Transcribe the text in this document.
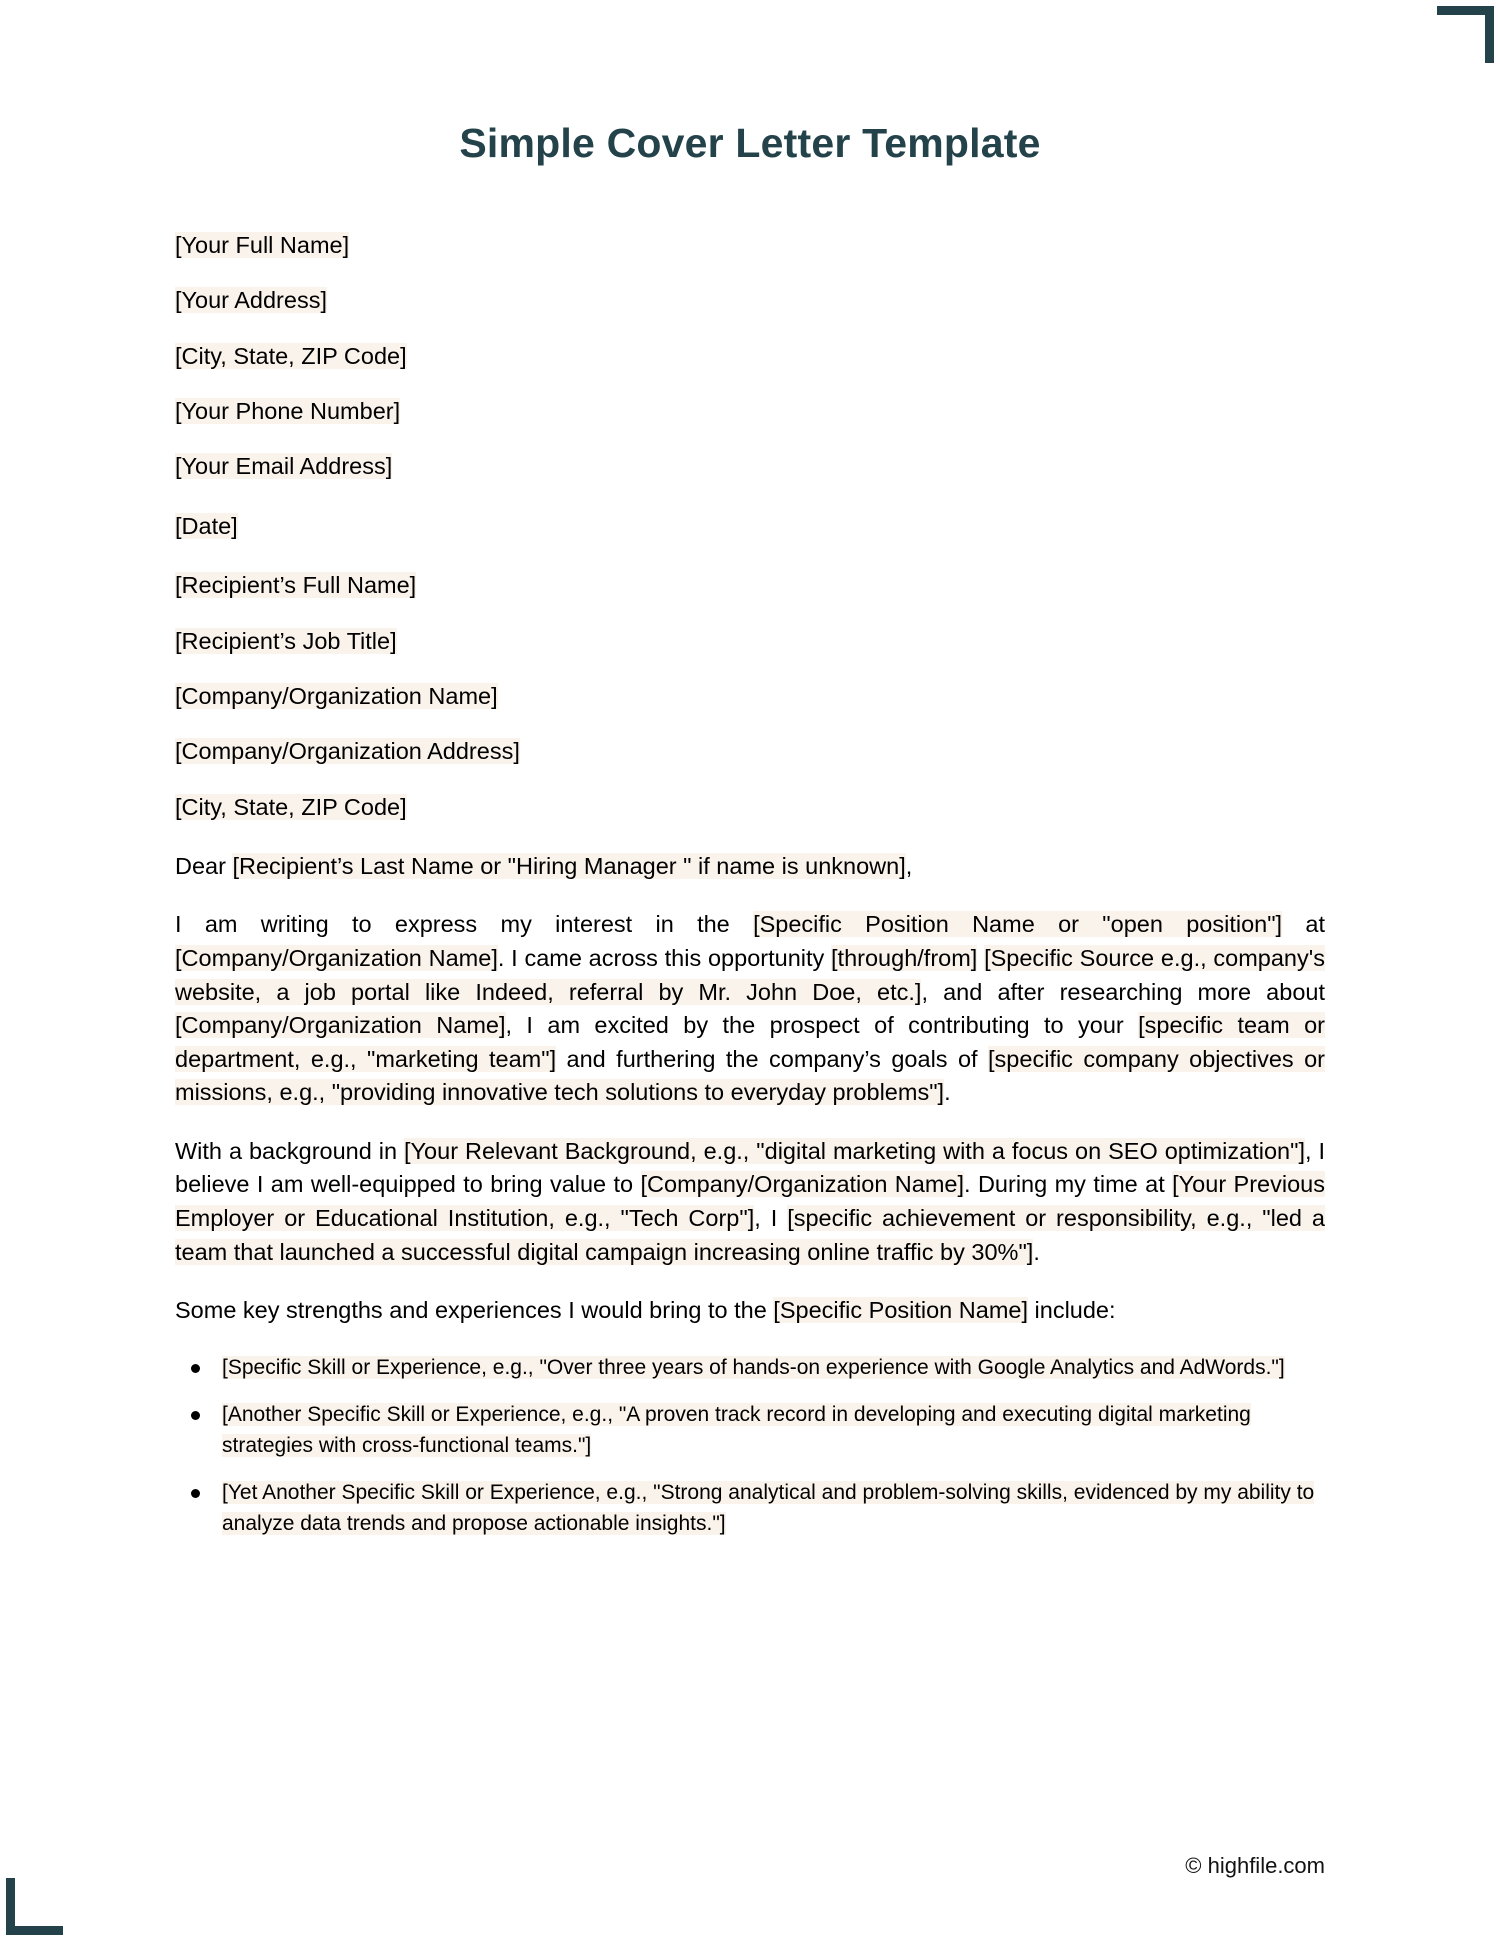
Simple Cover Letter Template

[Your Full Name]

[Your Address]

[City, State, ZIP Code]

[Your Phone Number]

[Your Email Address]

[Date]

[Recipient’s Full Name]

[Recipient’s Job Title]

[Company/Organization Name]

[Company/Organization Address]

[City, State, ZIP Code]

Dear [Recipient’s Last Name or "Hiring Manager " if name is unknown],

I am writing to express my interest in the [Specific Position Name or "open position"] at [Company/Organization Name]. I came across this opportunity [through/from] [Specific Source e.g., company's website, a job portal like Indeed, referral by Mr. John Doe, etc.], and after researching more about [Company/Organization Name], I am excited by the prospect of contributing to your [specific team or department, e.g., "marketing team"] and furthering the company’s goals of [specific company objectives or missions, e.g., "providing innovative tech solutions to everyday problems"].

With a background in [Your Relevant Background, e.g., "digital marketing with a focus on SEO optimization"], I believe I am well-equipped to bring value to [Company/Organization Name]. During my time at [Your Previous Employer or Educational Institution, e.g., "Tech Corp"], I [specific achievement or responsibility, e.g., "led a team that launched a successful digital campaign increasing online traffic by 30%"].

Some key strengths and experiences I would bring to the [Specific Position Name] include:

[Specific Skill or Experience, e.g., "Over three years of hands-on experience with Google Analytics and AdWords."]
[Another Specific Skill or Experience, e.g., "A proven track record in developing and executing digital marketing strategies with cross-functional teams."]
[Yet Another Specific Skill or Experience, e.g., "Strong analytical and problem-solving skills, evidenced by my ability to analyze data trends and propose actionable insights."]
© highfile.com
